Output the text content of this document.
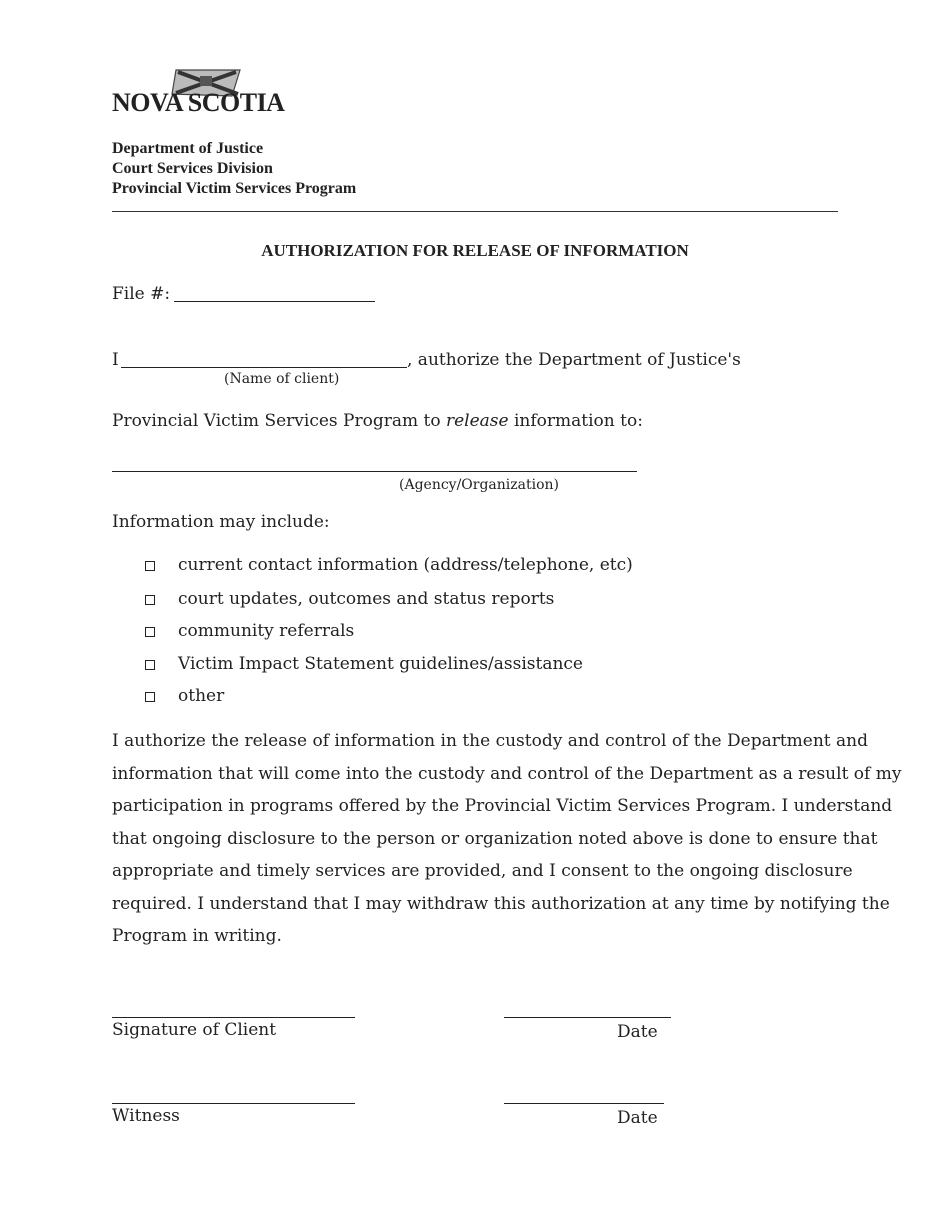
NOVA SCOTIA
Department of Justice
Court Services Division
Provincial Victim Services Program
AUTHORIZATION FOR RELEASE OF INFORMATION
File #:
I	, authorize the Department of Justice's
(Name of client)
Provincial Victim Services Program to release information to:
(Agency/Organization)
Information may include:
current contact information (address/telephone, etc)
court updates, outcomes and status reports
community referrals
Victim Impact Statement guidelines/assistance
other
I authorize the release of information in the custody and control of the Department and
information that will come into the custody and control of the Department as a result of my
participation in programs offered by the Provincial Victim Services Program. I understand
that ongoing disclosure to the person or organization noted above is done to ensure that
appropriate and timely services are provided, and I consent to the ongoing disclosure
required. I understand that I may withdraw this authorization at any time by notifying the
Program in writing.
Signature of Client	Date
Witness	Date
